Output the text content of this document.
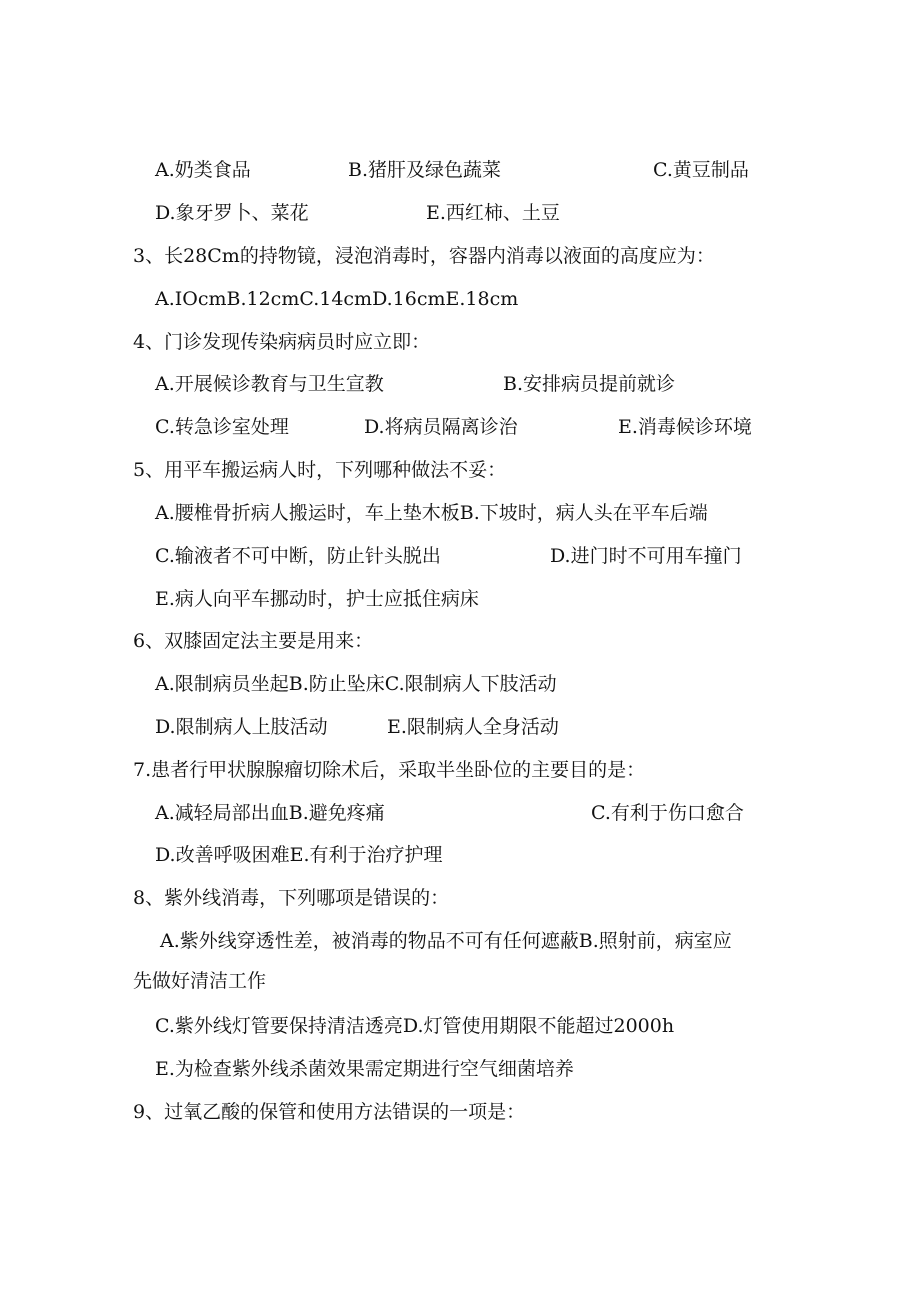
A.奶类食品	B.猪肝及绿色蔬菜	C.黄豆制品
D.象牙罗卜、菜花	E.西红柿、土豆
3、长28Cm的持物镜，浸泡消毒时，容器内消毒以液面的高度应为：
A.IOcmB.12cmC.14cmD.16cmE.18cm
4、门诊发现传染病病员时应立即：
A.开展候诊教育与卫生宣教	B.安排病员提前就诊
C.转急诊室处理	D.将病员隔离诊治	E.消毒候诊环境
5、用平车搬运病人时，下列哪种做法不妥：
A.腰椎骨折病人搬运时，车上垫木板B.下坡时，病人头在平车后端
C.输液者不可中断，防止针头脱出	D.进门时不可用车撞门
E.病人向平车挪动时，护士应抵住病床
6、双膝固定法主要是用来：
A.限制病员坐起B.防止坠床C.限制病人下肢活动
D.限制病人上肢活动	E.限制病人全身活动
7.患者行甲状腺腺瘤切除术后，采取半坐卧位的主要目的是：
A.减轻局部出血B.避免疼痛	C.有利于伤口愈合
D.改善呼吸困难E.有利于治疗护理
8、紫外线消毒，下列哪项是错误的：
A.紫外线穿透性差，被消毒的物品不可有任何遮蔽B.照射前，病室应
先做好清洁工作
C.紫外线灯管要保持清洁透亮D.灯管使用期限不能超过2000h
E.为检查紫外线杀菌效果需定期进行空气细菌培养
9、过氧乙酸的保管和使用方法错误的一项是：
